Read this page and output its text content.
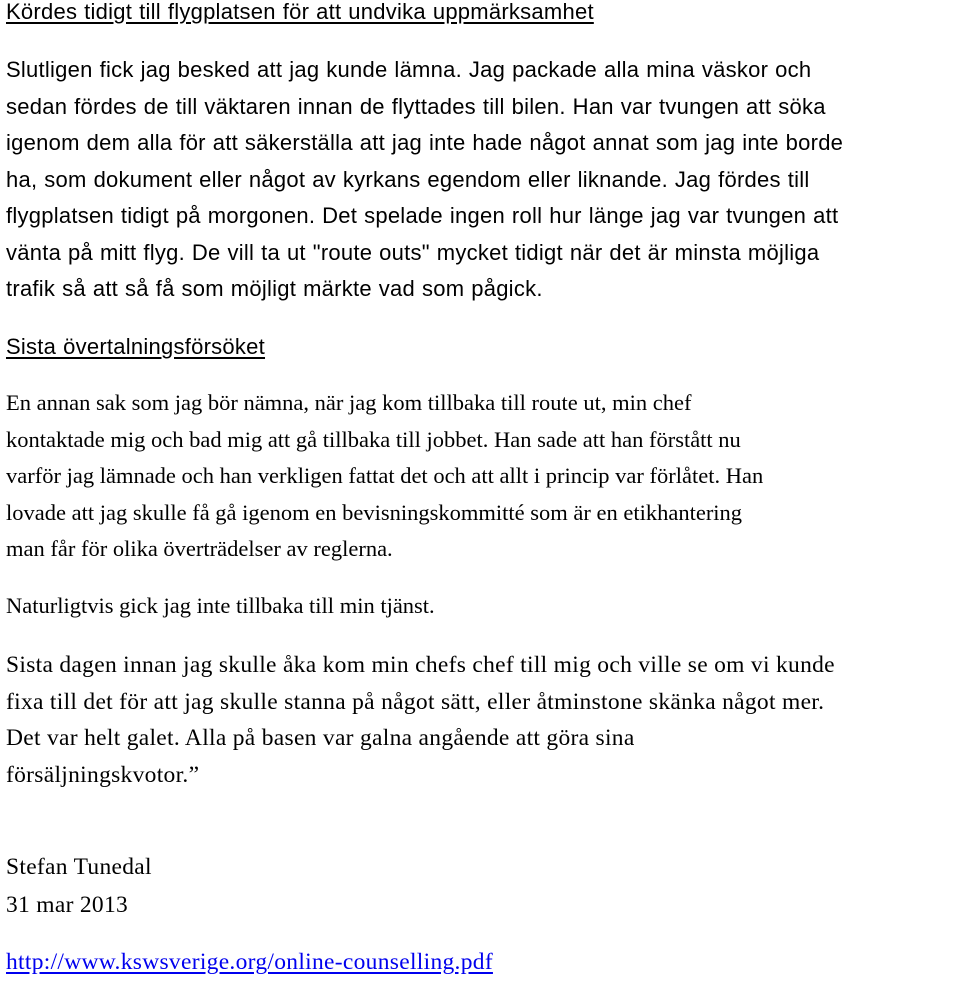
Kördes tidigt till flygplatsen för att undvika uppmärksamhet
Slutligen fick jag besked att jag kunde lämna. Jag packade alla mina väskor och
sedan fördes de till väktaren innan de flyttades till bilen. Han var tvungen att söka
igenom dem alla för att säkerställa att jag inte hade något annat som jag inte borde
ha, som dokument eller något av kyrkans egendom eller liknande. Jag fördes till
flygplatsen tidigt på morgonen. Det spelade ingen roll hur länge jag var tvungen att
vänta på mitt flyg. De vill ta ut "route outs" mycket tidigt när det är minsta möjliga
trafik så att så få som möjligt märkte vad som pågick.
Sista övertalningsförsöket
En annan sak som jag bör nämna, när jag kom tillbaka till route ut, min chef
kontaktade mig och bad mig att gå tillbaka till jobbet. Han sade att han förstått nu
varför jag lämnade och han verkligen fattat det och att allt i princip var förlåtet. Han
lovade att jag skulle få gå igenom en bevisningskommitté som är en etikhantering
man får för olika överträdelser av reglerna.
Naturligtvis gick jag inte tillbaka till min tjänst.
Sista dagen innan jag skulle åka kom min chefs chef till mig och ville se om vi kunde
fixa till det för att jag skulle stanna på något sätt, eller åtminstone skänka något mer.
Det var helt galet. Alla på basen var galna angående att göra sina
försäljningskvotor.”
Stefan Tunedal
31 mar 2013
http://www.kswsverige.org/online-counselling.pdf
